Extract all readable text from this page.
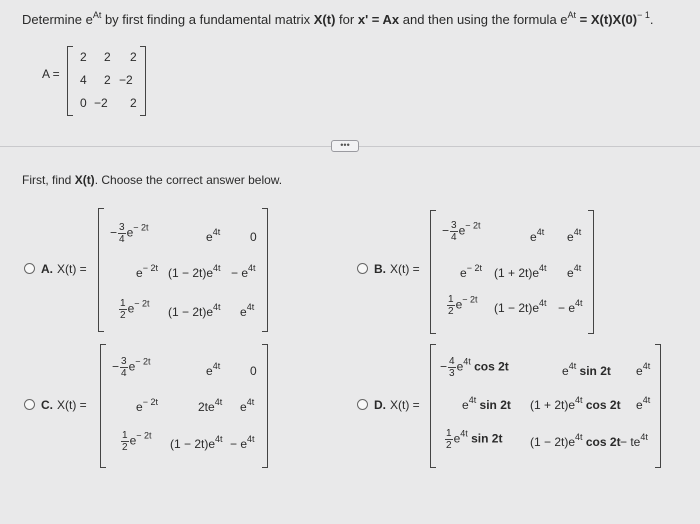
Determine $e^{At}$ by first finding a fundamental matrix X(t) for x' = Ax and then using the formula $e^{At} = X(t)X(0)^{- 1}$.
A =
2 2 2
4 2 −2
0 −2 2
•••
First, find X(t). Choose the correct answer below.
A. X(t) =
− $\frac{3}{4} e^{- 2t}$
$e^{4t}$ 0
$e^{- 2t}$ $(1 - 2t)e^{4t} - e^{4t}$
$\frac{1}{2} e^{- 2t}$
$(1 - 2t)e^{4t}$ $e^{4t}$
B. X(t) =
− $\frac{3}{4} e^{- 2t}$
$e^{4t}$ $e^{4t}$
$e^{- 2t}$ $(1 + 2t)e^{4t}$ $e^{4t}$
$\frac{1}{2} e^{- 2t}$
$(1 - 2t)e^{4t} - e^{4t}$
C. X(t) =
− $\frac{3}{4} e^{- 2t}$
$e^{4t}$ 0
$e^{- 2t}$	$2te^{4t}$ $e^{4t}$
$\frac{1}{2} e^{- 2t}$
$(1 - 2t)e^{4t} - e^{4t}$
D. X(t) =
− $\frac{4}{3} e^{4t}$ cos 2t	$e^{4t}$ sin 2t $e^{4t}$
$e^{4t}$ sin 2t $(1 + 2t)e^{4t}$ cos 2t $e^{4t}$
$\frac{1}{2} e^{4t}$ sin 2t $(1 - 2t)e^{4t}$ $\cos 2t - te^{4t}$
